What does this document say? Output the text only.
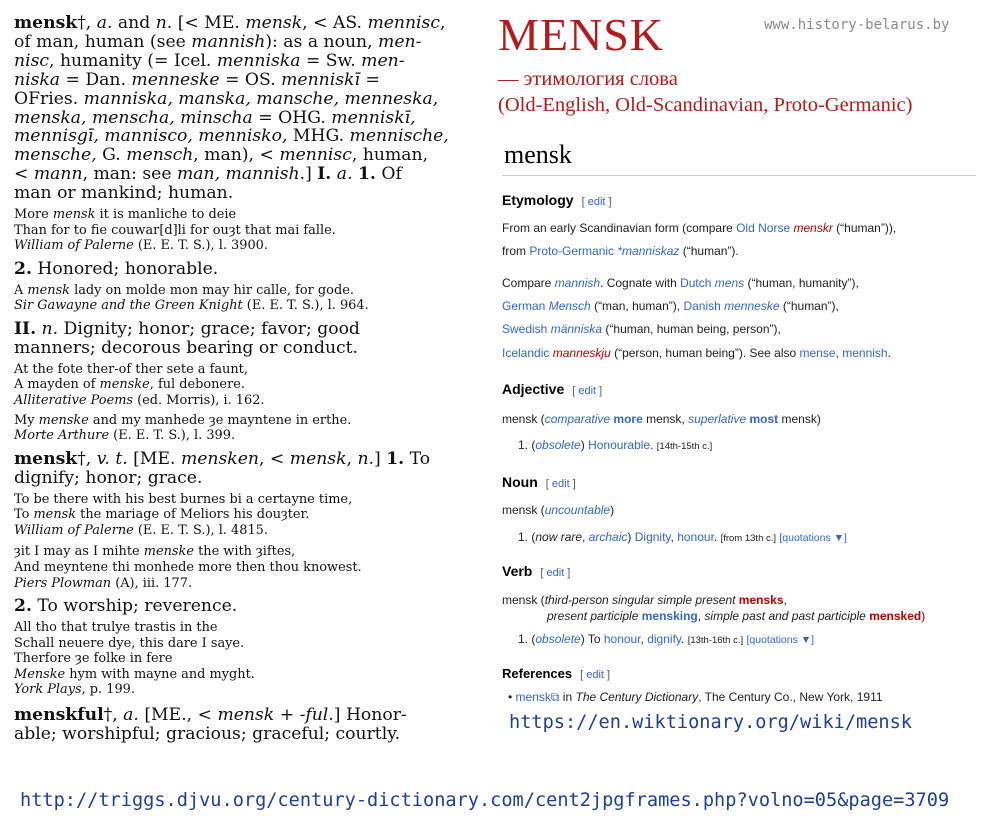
mensk†, a. and n. [< ME. mensk, < AS. mennisc,
of man, human (see mannish): as a noun, men-
nisc, humanity (= Icel. menniska = Sw. men-
niska = Dan. menneske = OS. menniskī =
OFries. manniska, manska, mansche, menneska,
menska, menscha, minscha = OHG. menniskī,
mennisgī, mannisco, mennisko, MHG. mennische,
mensche, G. mensch, man), < mennisc, human,
< mann, man: see man, mannish.] I. a. 1. Of
man or mankind; human.
More mensk it is manliche to deie
Than for to fie couwar[d]li for ouȝt that mai falle.
William of Palerne (E. E. T. S.), l. 3900.
2. Honored; honorable.
A mensk lady on molde mon may hir calle, for gode.
Sir Gawayne and the Green Knight (E. E. T. S.), l. 964.
II. n. Dignity; honor; grace; favor; good
manners; decorous bearing or conduct.
At the fote ther-of ther sete a faunt,
A mayden of menske, ful debonere.
Alliterative Poems (ed. Morris), i. 162.
My menske and my manhede ȝe mayntene in erthe.
Morte Arthure (E. E. T. S.), l. 399.
mensk†, v. t. [ME. mensken, < mensk, n.] 1. To
dignify; honor; grace.
To be there with his best burnes bi a certayne time,
To mensk the mariage of Meliors his douȝter.
William of Palerne (E. E. T. S.), l. 4815.
ȝit I may as I mihte menske the with ȝiftes,
And meyntene thi monhede more then thou knowest.
Piers Plowman (A), iii. 177.
2. To worship; reverence.
All tho that trulye trastis in the
Schall neuere dye, this dare I saye.
Therfore ȝe folke in fere
Menske hym with mayne and myght.
York Plays, p. 199.
menskful†, a. [ME., < mensk + -ful.] Honor-
able; worshipful; gracious; graceful; courtly.
http://triggs.djvu.org/century-dictionary.com/cent2jpgframes.php?volno=05&page=3709
MENSK	www.history-belarus.by
— этимология слова
(Old-English, Old-Scandinavian, Proto-Germanic)
mensk
Etymology [ edit ]
From an early Scandinavian form (compare Old Norse menskr (“human”)),
from Proto-Germanic *manniskaz (“human”).
Compare mannish. Cognate with Dutch mens (“human, humanity”),
German Mensch (“man, human”), Danish menneske (“human”),
Swedish människa (“human, human being, person”),
Icelandic manneskju (“person, human being”). See also mense, mennish.
Adjective [ edit ]
mensk (comparative more mensk, superlative most mensk)
1. (obsolete) Honourable. [14th-15th c.]
Noun [ edit ]
mensk (uncountable)
1. (now rare, archaic) Dignity, honour. [from 13th c.] [quotations ▼]
Verb [ edit ]
mensk (third-person singular simple present mensks,
present participle mensking, simple past and past participle mensked)
1. (obsolete) To honour, dignify. [13th-16th c.] [quotations ▼]
References [ edit ]
• mensk⧉ in The Century Dictionary, The Century Co., New York, 1911
https://en.wiktionary.org/wiki/mensk
